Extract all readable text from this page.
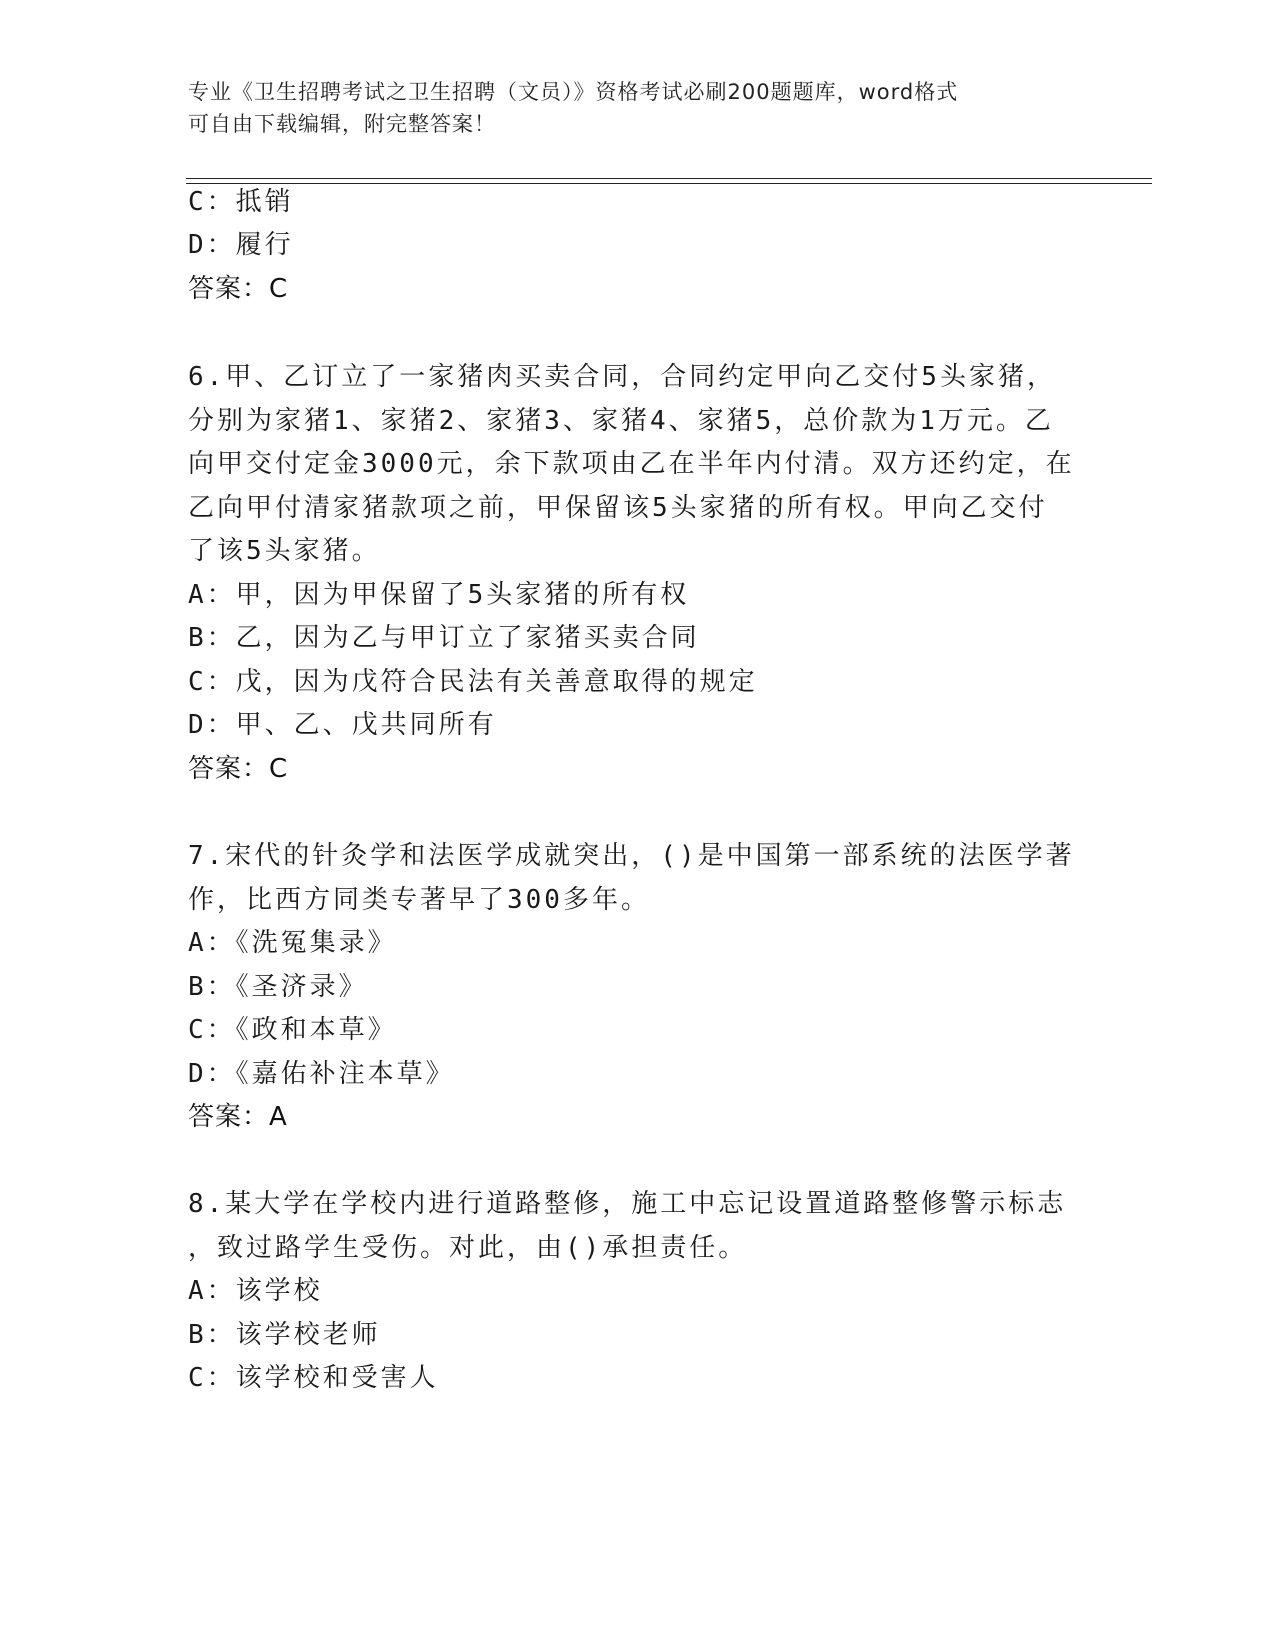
专业《卫生招聘考试之卫生招聘（文员）》资格考试必刷200题题库，word格式
可自由下载编辑，附完整答案！
C：抵销
D：履行
答案：C
6.甲、乙订立了一家猪肉买卖合同，合同约定甲向乙交付5头家猪，
分别为家猪1、家猪2、家猪3、家猪4、家猪5，总价款为1万元。乙
向甲交付定金3000元，余下款项由乙在半年内付清。双方还约定，在
乙向甲付清家猪款项之前，甲保留该5头家猪的所有权。甲向乙交付
了该5头家猪。
A：甲，因为甲保留了5头家猪的所有权
B：乙，因为乙与甲订立了家猪买卖合同
C：戊，因为戊符合民法有关善意取得的规定
D：甲、乙、戊共同所有
答案：C
7.宋代的针灸学和法医学成就突出，()是中国第一部系统的法医学著
作，比西方同类专著早了300多年。
A：《洗冤集录》
B：《圣济录》
C：《政和本草》
D：《嘉佑补注本草》
答案：A
8.某大学在学校内进行道路整修，施工中忘记设置道路整修警示标志
，致过路学生受伤。对此，由()承担责任。
A：该学校
B：该学校老师
C：该学校和受害人
